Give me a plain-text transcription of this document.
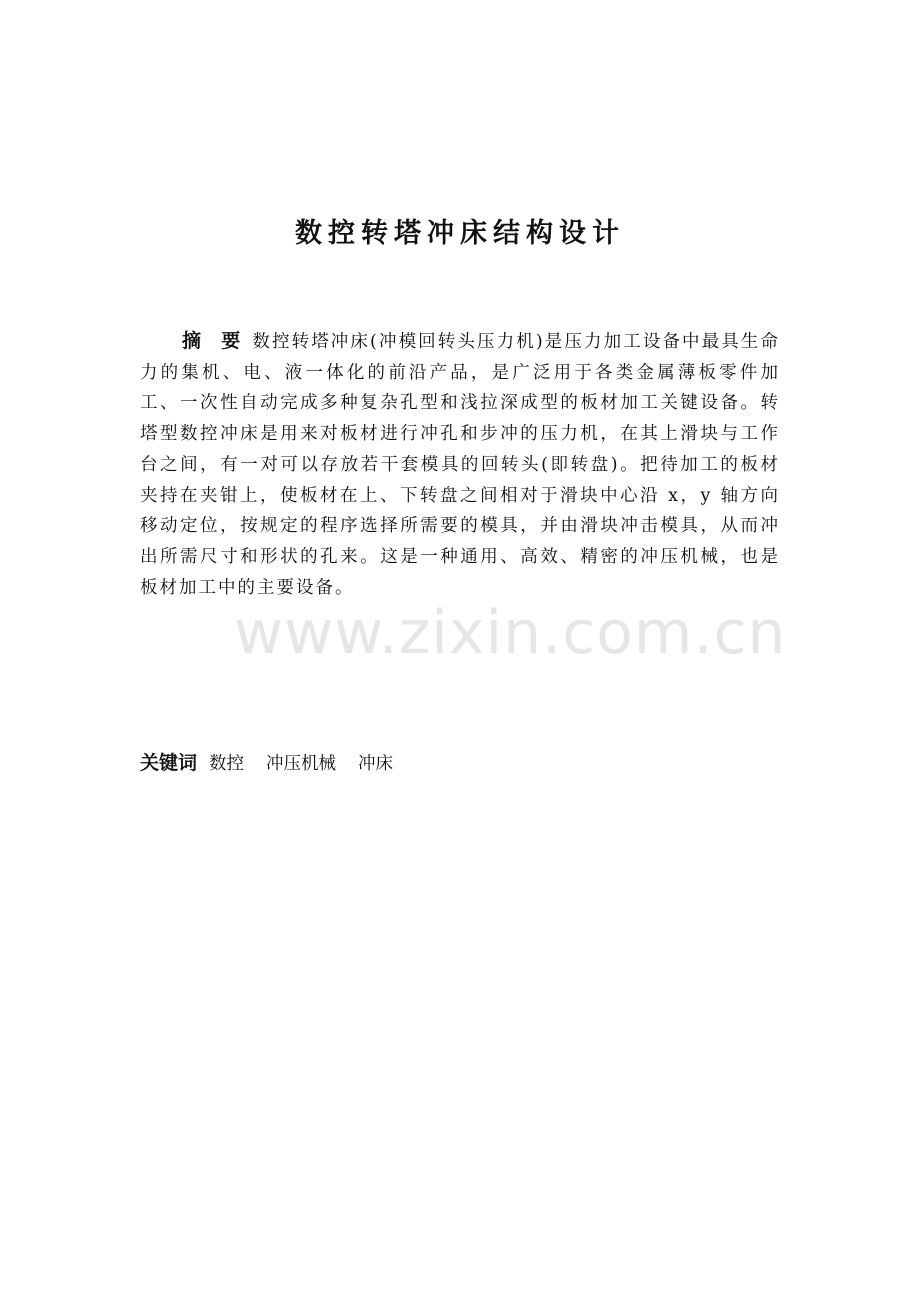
数控转塔冲床结构设计

摘 要 数控转塔冲床(冲模回转头压力机)是压力加工设备中最具生命力的集机、电、液一体化的前沿产品，是广泛用于各类金属薄板零件加工、一次性自动完成多种复杂孔型和浅拉深成型的板材加工关键设备。转塔型数控冲床是用来对板材进行冲孔和步冲的压力机，在其上滑块与工作台之间，有一对可以存放若干套模具的回转头(即转盘)。把待加工的板材夹持在夹钳上，使板材在上、下转盘之间相对于滑块中心沿 x，y 轴方向移动定位，按规定的程序选择所需要的模具，并由滑块冲击模具，从而冲出所需尺寸和形状的孔来。这是一种通用、高效、精密的冲压机械，也是板材加工中的主要设备。

关键词 数控 冲压机械 冲床

www.zixin.com.cn
